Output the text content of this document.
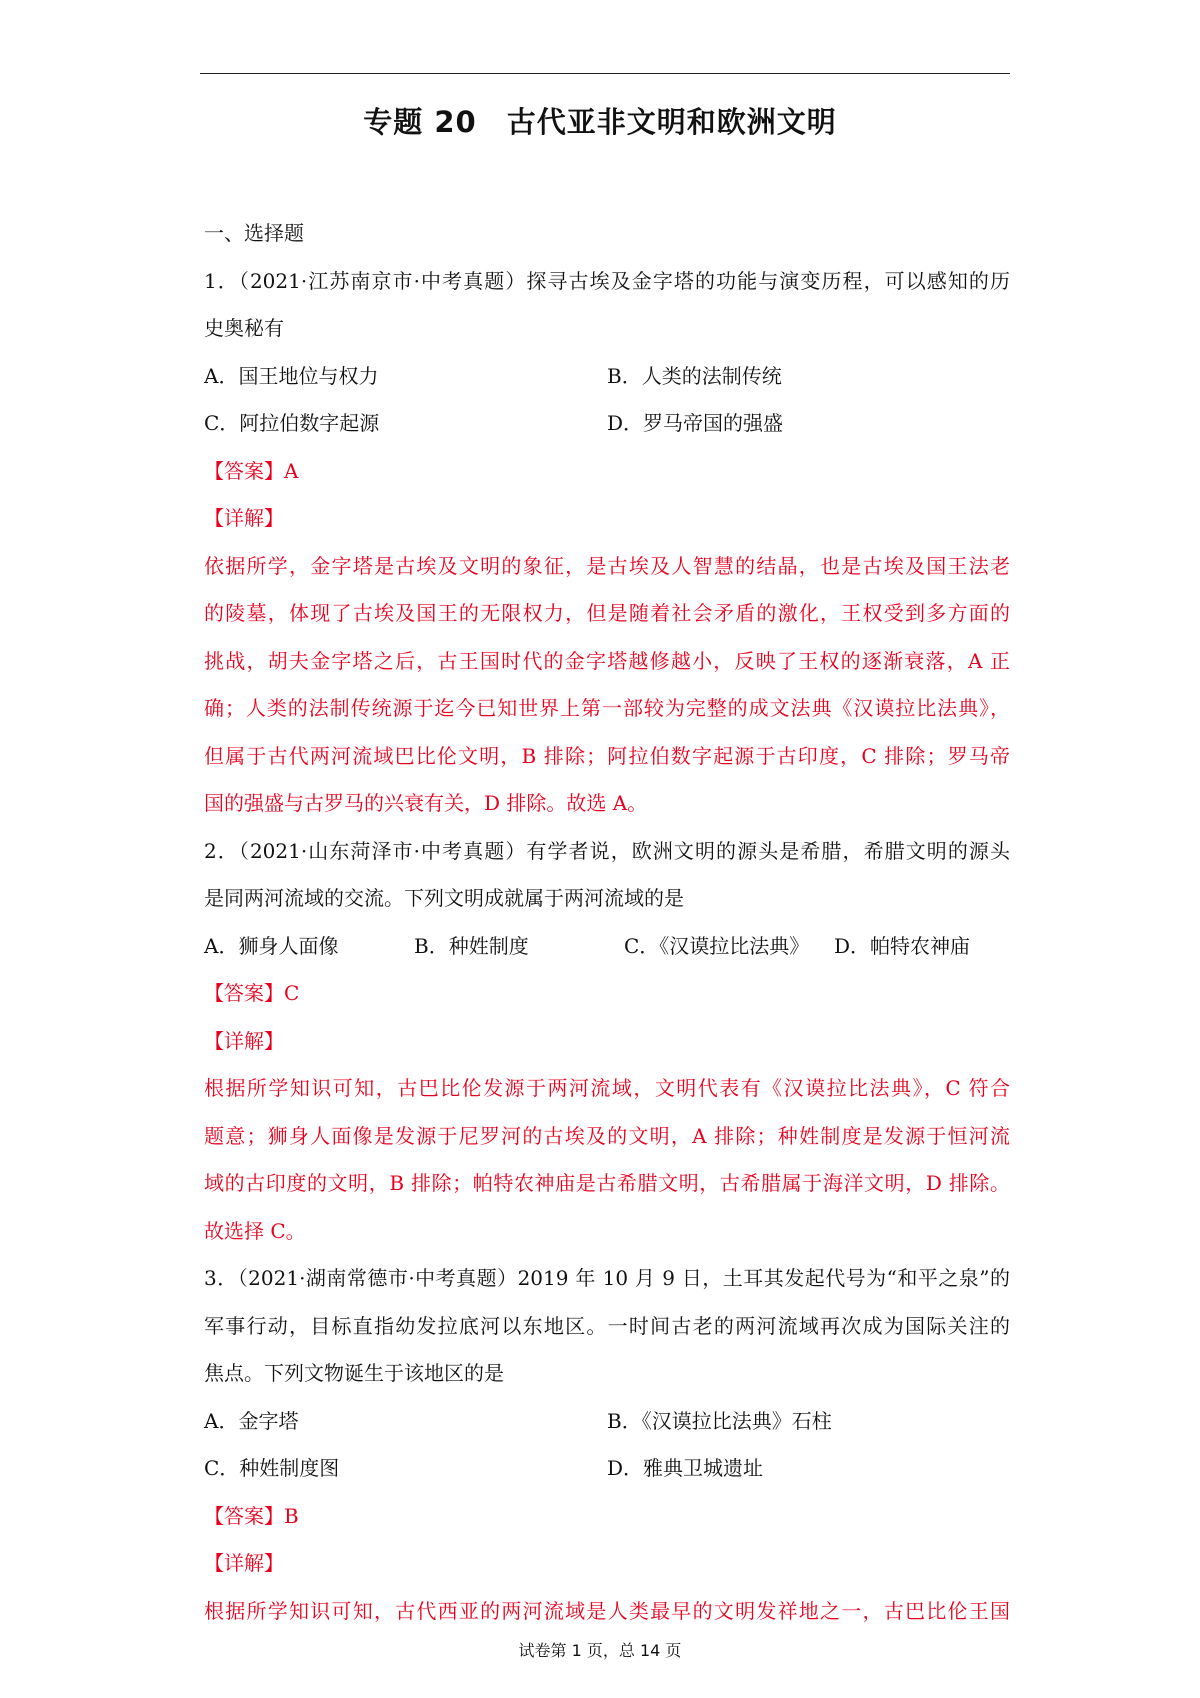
专题 20　古代亚非文明和欧洲文明
一、选择题
1．（2021·江苏南京市·中考真题）探寻古埃及金字塔的功能与演变历程，可以感知的历
史奥秘有
A．国王地位与权力	B．人类的法制传统
C．阿拉伯数字起源	D．罗马帝国的强盛
【答案】A
【详解】
依据所学，金字塔是古埃及文明的象征，是古埃及人智慧的结晶，也是古埃及国王法老
的陵墓，体现了古埃及国王的无限权力，但是随着社会矛盾的激化，王权受到多方面的
挑战，胡夫金字塔之后，古王国时代的金字塔越修越小，反映了王权的逐渐衰落，A 正
确；人类的法制传统源于迄今已知世界上第一部较为完整的成文法典《汉谟拉比法典》，
但属于古代两河流域巴比伦文明，B 排除；阿拉伯数字起源于古印度，C 排除；罗马帝
国的强盛与古罗马的兴衰有关，D 排除。故选 A。
2．（2021·山东菏泽市·中考真题）有学者说，欧洲文明的源头是希腊，希腊文明的源头
是同两河流域的交流。下列文明成就属于两河流域的是
A．狮身人面像	B．种姓制度	C．《汉谟拉比法典》	D．帕特农神庙
【答案】C
【详解】
根据所学知识可知，古巴比伦发源于两河流域，文明代表有《汉谟拉比法典》，C 符合
题意；狮身人面像是发源于尼罗河的古埃及的文明，A 排除；种姓制度是发源于恒河流
域的古印度的文明，B 排除；帕特农神庙是古希腊文明，古希腊属于海洋文明，D 排除。
故选择 C。
3．（2021·湖南常德市·中考真题）2019 年 10 月 9 日，土耳其发起代号为“和平之泉”的
军事行动，目标直指幼发拉底河以东地区。一时间古老的两河流域再次成为国际关注的
焦点。下列文物诞生于该地区的是
A．金字塔	B．《汉谟拉比法典》石柱
C．种姓制度图	D．雅典卫城遗址
【答案】B
【详解】
根据所学知识可知，古代西亚的两河流域是人类最早的文明发祥地之一，古巴比伦王国
试卷第 1 页，总 14 页
